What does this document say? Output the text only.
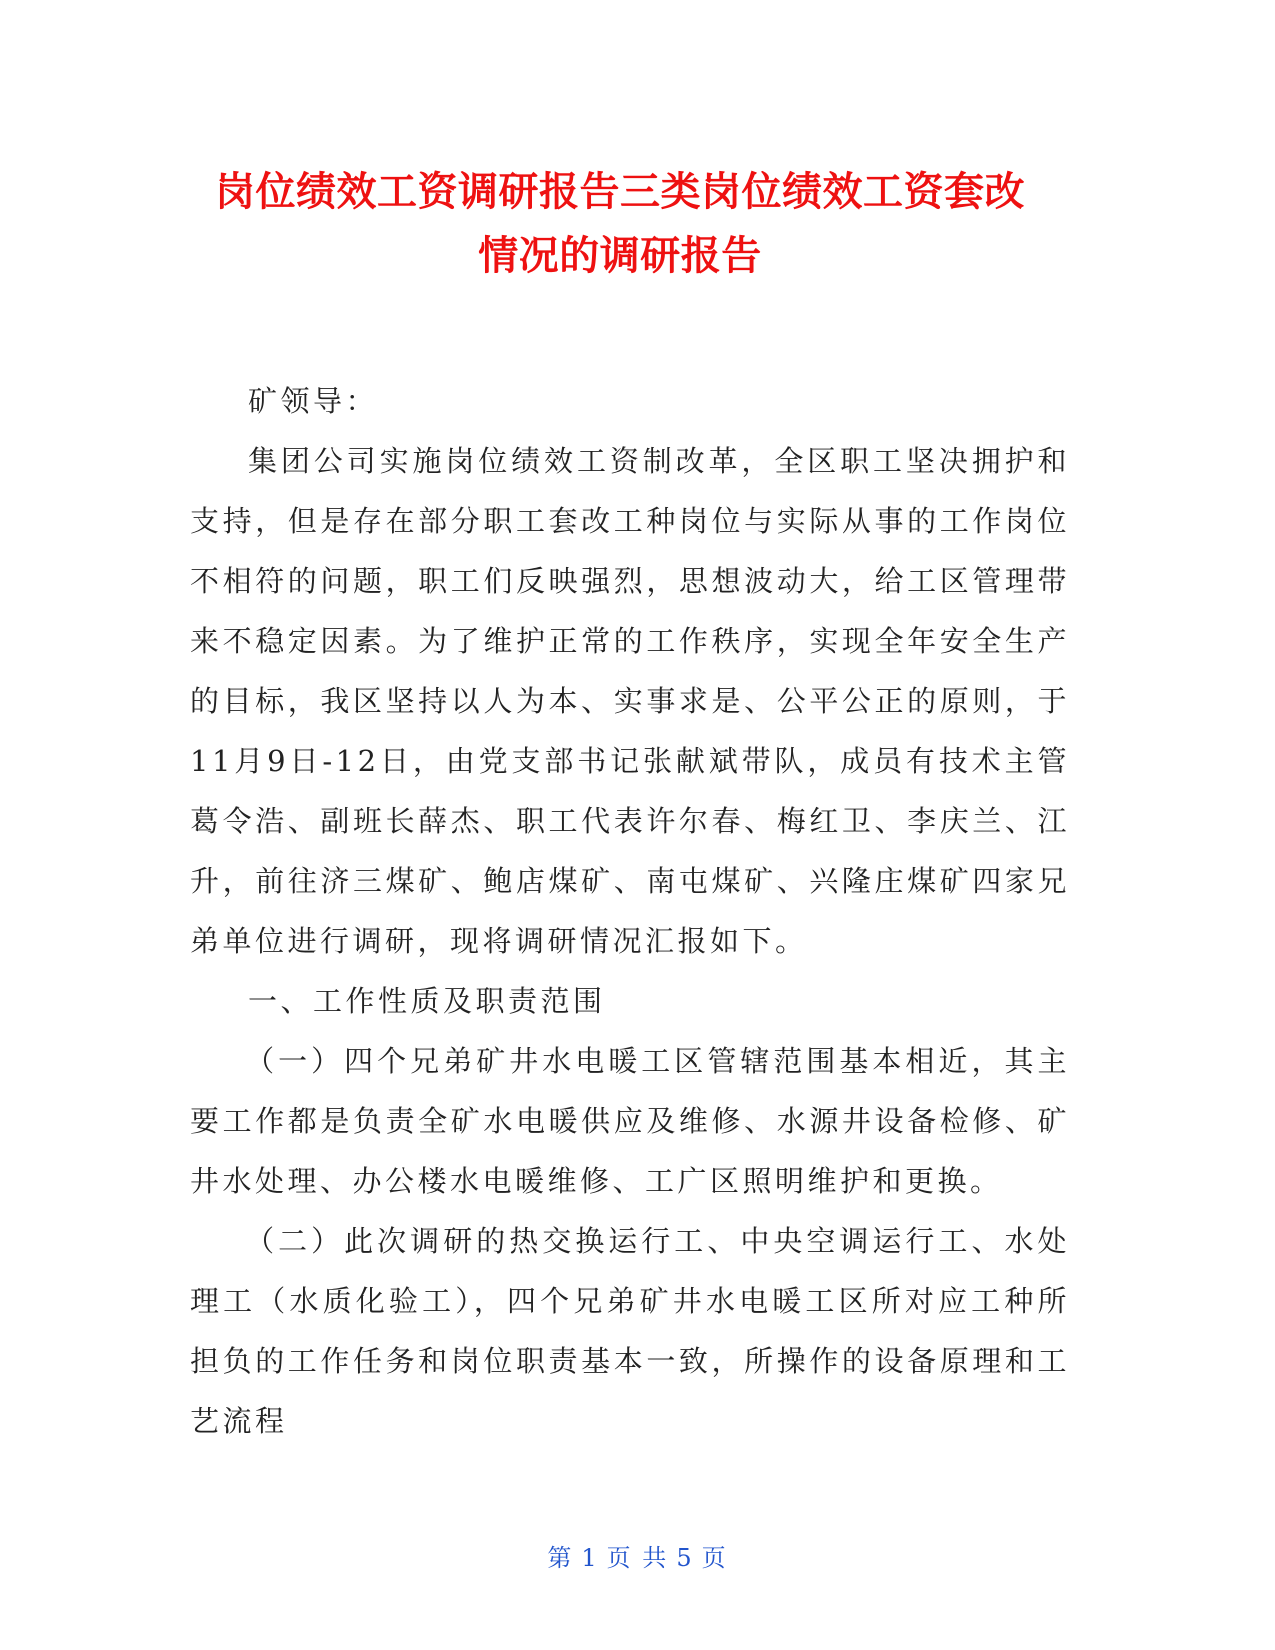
岗位绩效工资调研报告三类岗位绩效工资套改
情况的调研报告

矿领导：

集团公司实施岗位绩效工资制改革，全区职工坚决拥护和支持，但是存在部分职工套改工种岗位与实际从事的工作岗位不相符的问题，职工们反映强烈，思想波动大，给工区管理带来不稳定因素。为了维护正常的工作秩序，实现全年安全生产的目标，我区坚持以人为本、实事求是、公平公正的原则，于11月9日-12日，由党支部书记张献斌带队，成员有技术主管葛令浩、副班长薛杰、职工代表许尔春、梅红卫、李庆兰、江升，前往济三煤矿、鲍店煤矿、南屯煤矿、兴隆庄煤矿四家兄弟单位进行调研，现将调研情况汇报如下。

一、工作性质及职责范围

（一）四个兄弟矿井水电暖工区管辖范围基本相近，其主要工作都是负责全矿水电暖供应及维修、水源井设备检修、矿井水处理、办公楼水电暖维修、工广区照明维护和更换。

（二）此次调研的热交换运行工、中央空调运行工、水处理工（水质化验工），四个兄弟矿井水电暖工区所对应工种所担负的工作任务和岗位职责基本一致，所操作的设备原理和工艺流程

第 1 页 共 5 页
